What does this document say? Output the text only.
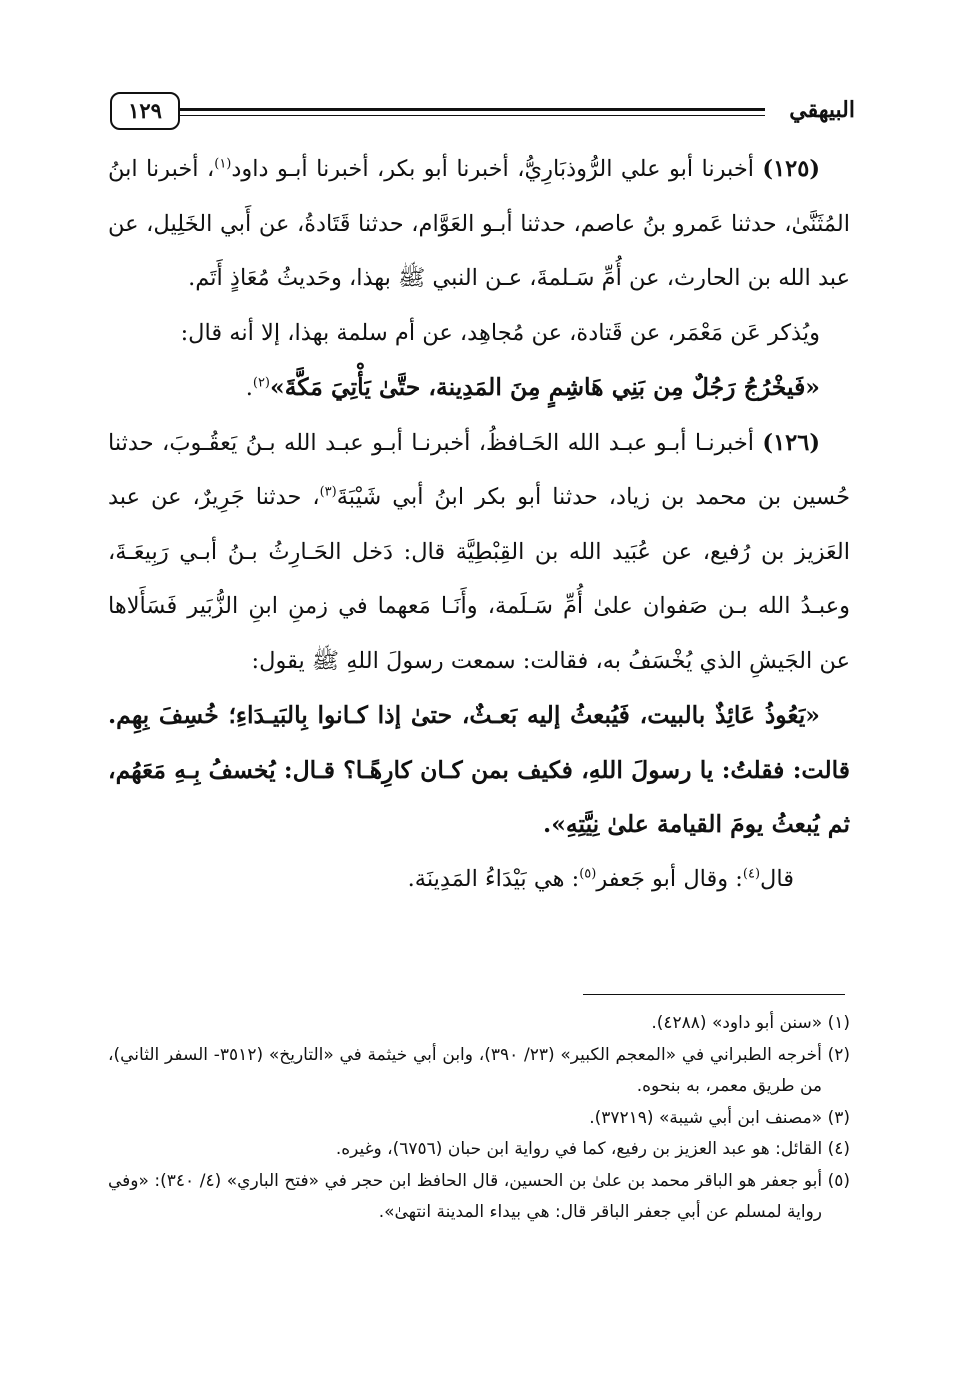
١٢٩	البيهقي

(١٢٥) أخبرنا أبو علي الرُّوذبَارِيُّ، أخبرنا أبو بكر، أخبرنا أبـو داود$^{(١)}$، أخبرنا ابنُ المُثَنَّىٰ، حدثنا عَمرو بنُ عاصم، حدثنا أبـو العَوَّام، حدثنا قَتَادةُ، عن أَبي الخَلِيل، عن عبد الله بن الحارث، عن أُمِّ سَـلمةَ، عـن النبي ﷺ بهذا، وحَديثُ مُعَاذٍ أَتَم.

ويُذكر عَن مَعْمَر، عن قَتادة، عن مُجاهِد، عن أم سلمة بهذا، إلا أنه قال:

«فَيخْرُجُ رَجُلٌ مِن بَنِي هَاشِمٍ مِنَ المَدِينة، حتَّىٰ يَأْتِيَ مَكَّةَ»$^{(٢)}$.

(١٢٦) أخبرنـا أبـو عبـد الله الحَـافظُ، أخبرنـا أبـو عبـد الله بـنُ يَعقُـوبَ، حدثنا حُسين بن محمد بن زياد، حدثنا أبو بكر ابنُ أبي شَيْبَةَ$^{(٣)}$، حدثنا جَرِيرٌ، عن عبد العَزيز بن رُفيع، عن عُبَيد الله بن القِبْطِيَّة قال: دَخل الحَـارِثُ بـنُ أبـي رَبِيعَـةَ، وعبـدُ الله بـن صَفوان علىٰ أُمِّ سَـلَمة، وأَنَـا مَعهما في زمنِ ابنِ الزُّبَير فَسَأَلاها عن الجَيشِ الذي يُخْسَفُ به، فقالت: سمعت رسولَ اللهِ ﷺ يقول:

«يَعُوذُ عَائِذٌ بالبيت، فَيُبعثُ إليه بَعـثٌ، حتىٰ إذا كـانوا بِالبَيـدَاءِ؛ خُسِفَ بِهِم. قالت: فقلتُ: يا رسولَ اللهِ، فكيف بمن كـان كارِهًـا؟ قـال: يُخسفُ بِـهِ مَعَهُم، ثم يُبعثُ يومَ القيامة علىٰ نِيَّتِهِ».

قال$^{(٤)}$: وقال أبو جَعفر$^{(٥)}$: هي بَيْدَاءُ المَدِينَة.

(١) «سنن أبو داود» (٤٢٨٨).

(٢) أخرجه الطبراني في «المعجم الكبير» (٢٣/ ٣٩٠)، وابن أبي خيثمة في «التاريخ» (٣٥١٢- السفر الثاني)، من طريق معمر، به بنحوه.

(٣) «مصنف ابن أبي شيبة» (٣٧٢١٩).

(٤) القائل: هو عبد العزيز بن رفيع، كما في رواية ابن حبان (٦٧٥٦)، وغيره.

(٥) أبو جعفر هو الباقر محمد بن علىٰ بن الحسين، قال الحافظ ابن حجر في «فتح الباري» (٤/ ٣٤٠): «وفي رواية لمسلم عن أبي جعفر الباقر قال: هي بيداء المدينة انتهىٰ».
